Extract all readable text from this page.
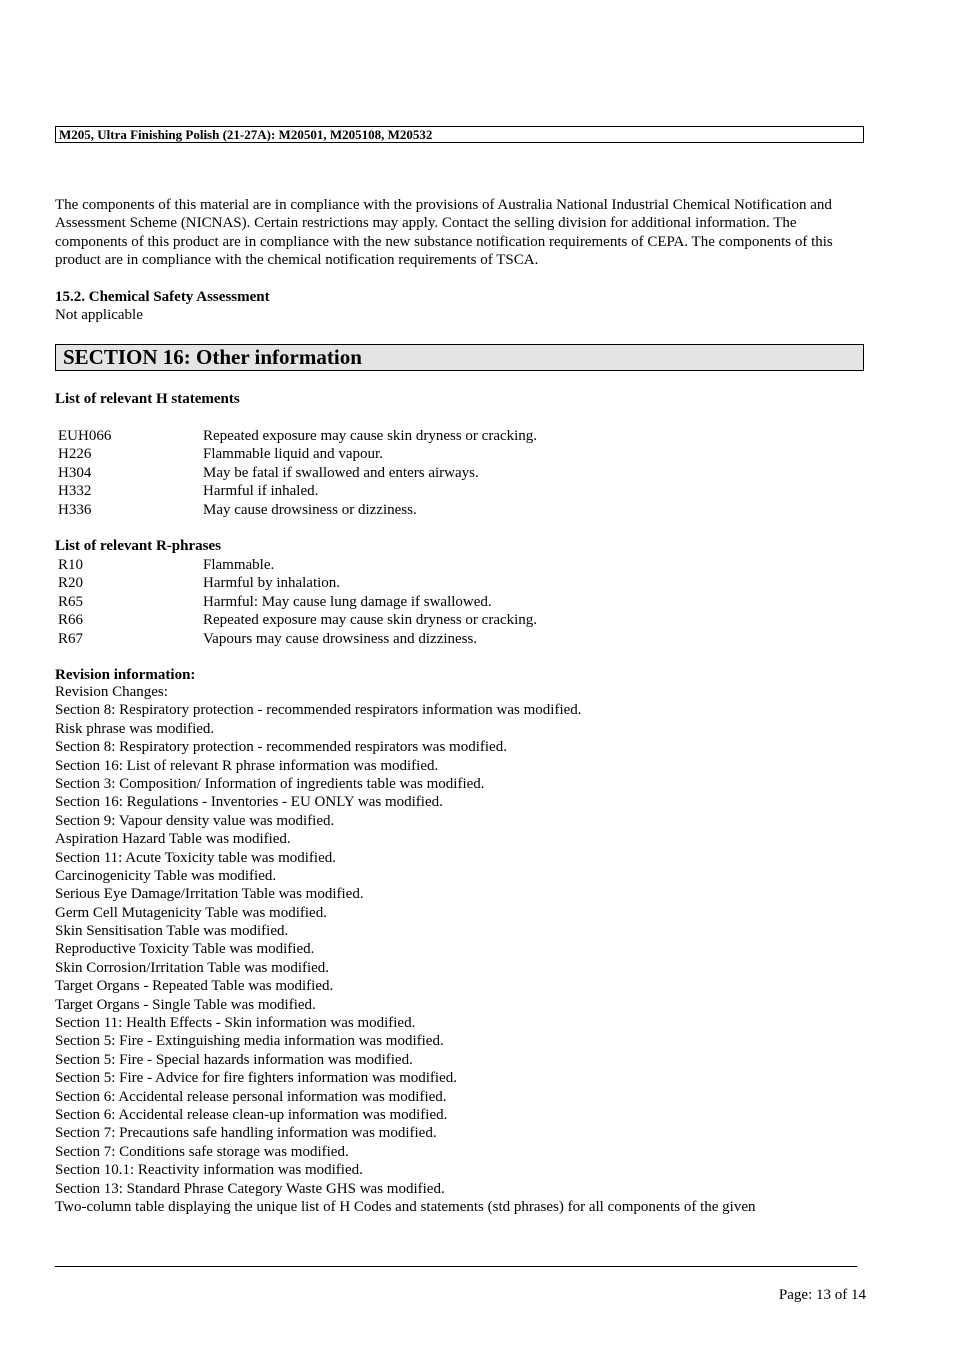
M205, Ultra Finishing Polish (21-27A): M20501, M205108, M20532

The components of this material are in compliance with the provisions of Australia National Industrial Chemical Notification and Assessment Scheme (NICNAS). Certain restrictions may apply. Contact the selling division for additional information. The components of this product are in compliance with the new substance notification requirements of CEPA. The components of this product are in compliance with the chemical notification requirements of TSCA.

15.2. Chemical Safety Assessment
Not applicable
SECTION 16: Other information
List of relevant H statements
EUH066	Repeated exposure may cause skin dryness or cracking.
H226	Flammable liquid and vapour.
H304	May be fatal if swallowed and enters airways.
H332	Harmful if inhaled.
H336	May cause drowsiness or dizziness.
List of relevant R-phrases
R10	Flammable.
R20	Harmful by inhalation.
R65	Harmful: May cause lung damage if swallowed.
R66	Repeated exposure may cause skin dryness or cracking.
R67	Vapours may cause drowsiness and dizziness.
Revision information:
Revision Changes:
Section 8: Respiratory protection - recommended respirators information was modified.
Risk phrase was modified.
Section 8: Respiratory protection - recommended respirators was modified.
Section 16: List of relevant R phrase information was modified.
Section 3: Composition/ Information of ingredients table was modified.
Section 16: Regulations - Inventories - EU ONLY was modified.
Section 9: Vapour density value was modified.
Aspiration Hazard Table was modified.
Section 11: Acute Toxicity table was modified.
Carcinogenicity Table was modified.
Serious Eye Damage/Irritation Table was modified.
Germ Cell Mutagenicity Table was modified.
Skin Sensitisation Table was modified.
Reproductive Toxicity Table was modified.
Skin Corrosion/Irritation Table was modified.
Target Organs - Repeated Table was modified.
Target Organs - Single Table was modified.
Section 11: Health Effects - Skin information was modified.
Section 5: Fire - Extinguishing media information was modified.
Section 5: Fire - Special hazards information was modified.
Section 5: Fire - Advice for fire fighters information was modified.
Section 6: Accidental release personal information was modified.
Section 6: Accidental release clean-up information was modified.
Section 7: Precautions safe handling information was modified.
Section 7: Conditions safe storage was modified.
Section 10.1: Reactivity information was modified.
Section 13: Standard Phrase Category Waste GHS was modified.
Two-column table displaying the unique list of H Codes and statements (std phrases) for all components of the given
Page: 13 of 14
